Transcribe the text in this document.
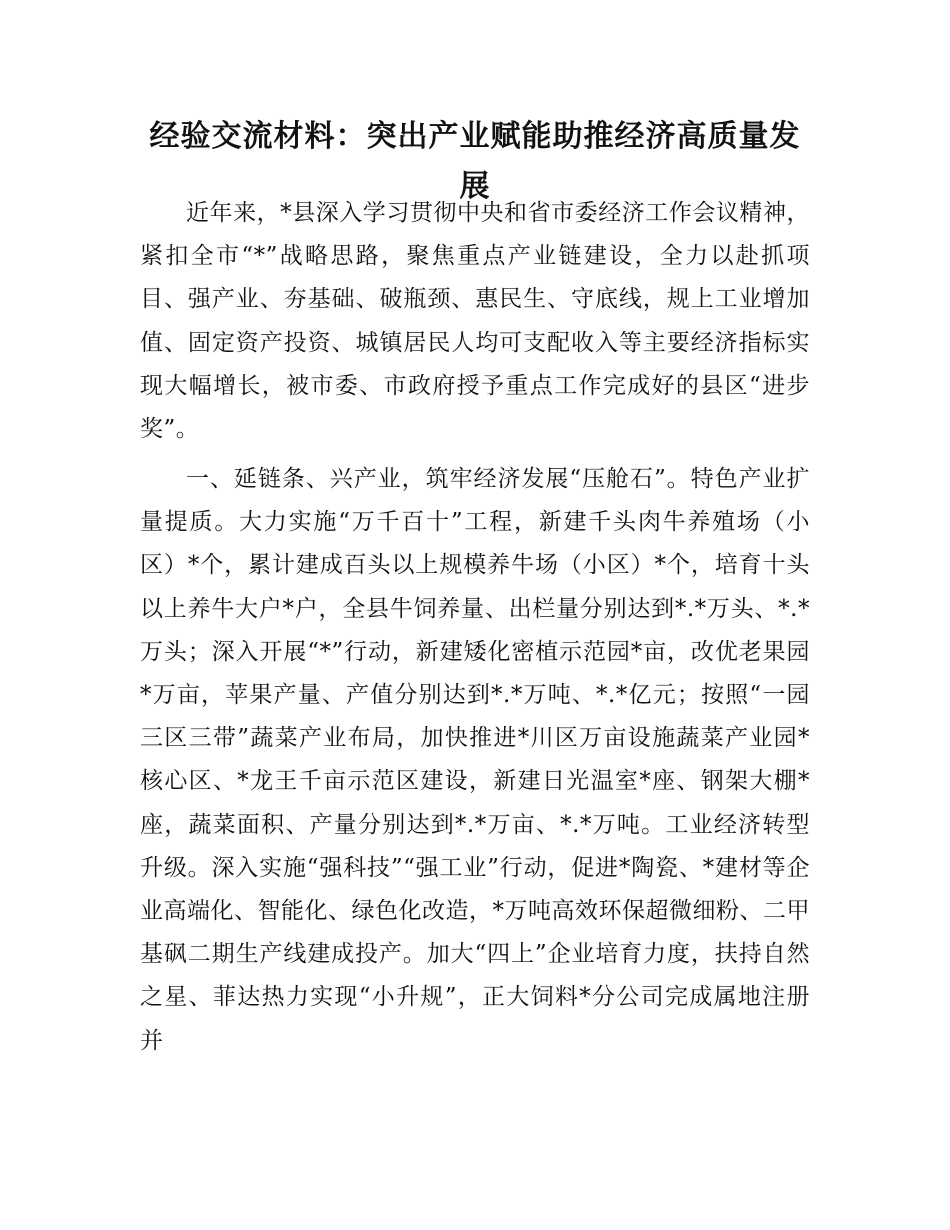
经验交流材料：突出产业赋能助推经济高质量发展

近年来，*县深入学习贯彻中央和省市委经济工作会议精神，紧扣全市“*”战略思路，聚焦重点产业链建设，全力以赴抓项目、强产业、夯基础、破瓶颈、惠民生、守底线，规上工业增加值、固定资产投资、城镇居民人均可支配收入等主要经济指标实现大幅增长，被市委、市政府授予重点工作完成好的县区“进步奖”。

一、延链条、兴产业，筑牢经济发展“压舱石”。特色产业扩量提质。大力实施“万千百十”工程，新建千头肉牛养殖场（小区）*个，累计建成百头以上规模养牛场（小区）*个，培育十头以上养牛大户*户，全县牛饲养量、出栏量分别达到*.*万头、*.*万头；深入开展“*”行动，新建矮化密植示范园*亩，改优老果园*万亩，苹果产量、产值分别达到*.*万吨、*.*亿元；按照“一园三区三带”蔬菜产业布局，加快推进*川区万亩设施蔬菜产业园*核心区、*龙王千亩示范区建设，新建日光温室*座、钢架大棚*座，蔬菜面积、产量分别达到*.*万亩、*.*万吨。工业经济转型升级。深入实施“强科技”“强工业”行动，促进*陶瓷、*建材等企业高端化、智能化、绿色化改造，*万吨高效环保超微细粉、二甲基砜二期生产线建成投产。加大“四上”企业培育力度，扶持自然之星、菲达热力实现“小升规”，正大饲料*分公司完成属地注册并
